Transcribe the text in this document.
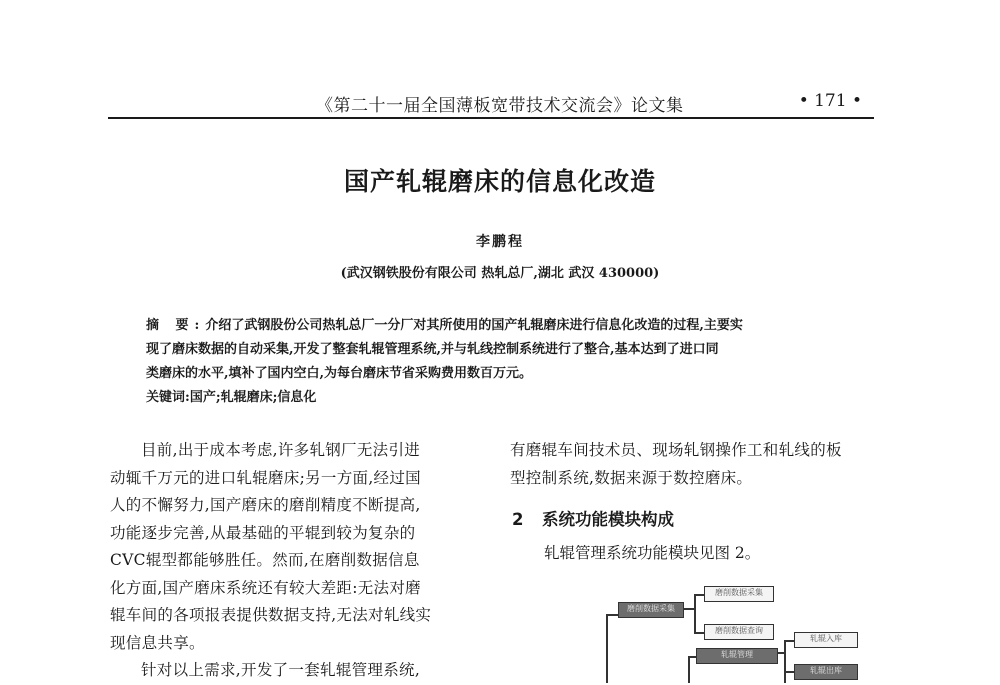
《第二十一届全国薄板宽带技术交流会》论文集	• 171 •
国产轧辊磨床的信息化改造
李鹏程
(武汉钢铁股份有限公司 热轧总厂,湖北 武汉 430000)

摘 要:介绍了武钢股份公司热轧总厂一分厂对其所使用的国产轧辊磨床进行信息化改造的过程,主要实

现了磨床数据的自动采集,开发了整套轧辊管理系统,并与轧线控制系统进行了整合,基本达到了进口同

类磨床的水平,填补了国内空白,为每台磨床节省采购费用数百万元。

关键词:国产;轧辊磨床;信息化

目前,出于成本考虑,许多轧钢厂无法引进

动辄千万元的进口轧辊磨床;另一方面,经过国

人的不懈努力,国产磨床的磨削精度不断提高,

功能逐步完善,从最基础的平辊到较为复杂的

CVC辊型都能够胜任。然而,在磨削数据信息

化方面,国产磨床系统还有较大差距:无法对磨

辊车间的各项报表提供数据支持,无法对轧线实

现信息共享。

针对以上需求,开发了一套轧辊管理系统,

有磨辊车间技术员、现场轧钢操作工和轧线的板

型控制系统,数据来源于数控磨床。

2 系统功能模块构成
轧辊管理系统功能模块见图 2。
磨削数据采集
磨削数据采集
磨削数据查询
轧辊管理
轧辊入库
轧辊出库
